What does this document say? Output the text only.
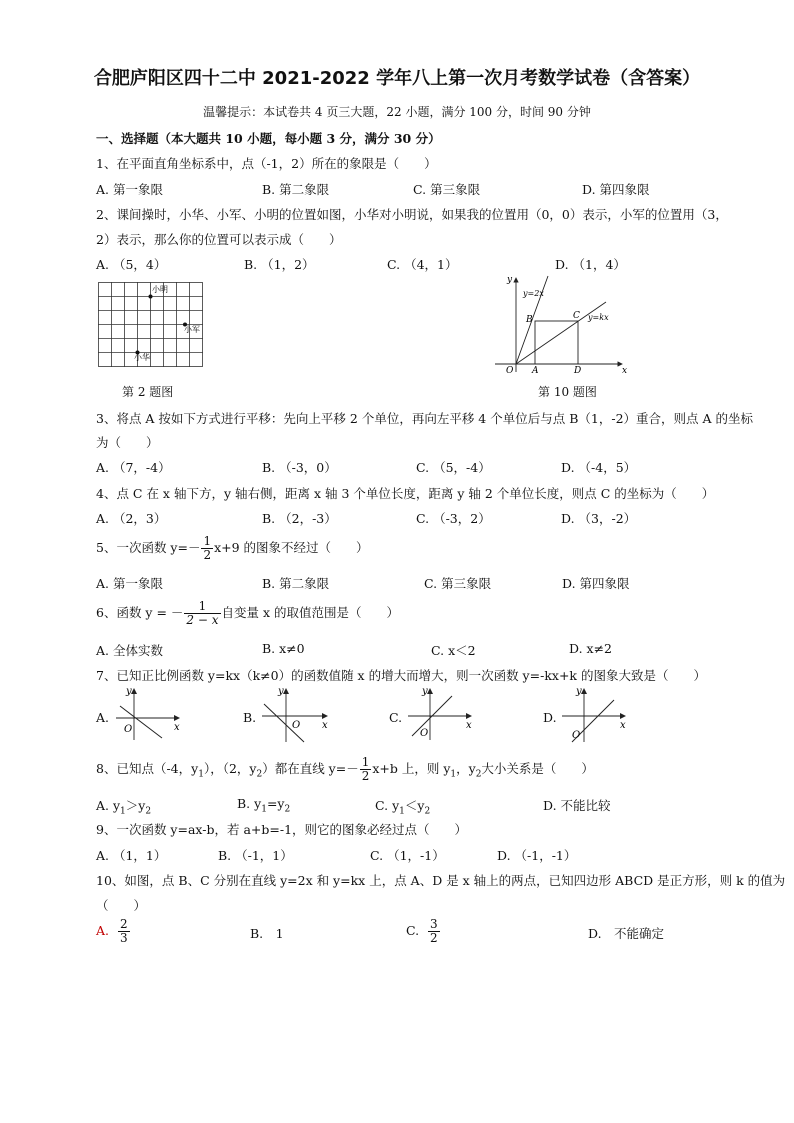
合肥庐阳区四十二中 2021-2022 学年八上第一次月考数学试卷（含答案）
温馨提示：本试卷共 4 页三大题，22 小题，满分 100 分，时间 90 分钟
一、选择题（本大题共 10 小题，每小题 3 分，满分 30 分）
1、在平面直角坐标系中，点（-1，2）所在的象限是（　　）
A. 第一象限	B. 第二象限	C. 第三象限	D. 第四象限
2、课间操时，小华、小军、小明的位置如图，小华对小明说，如果我的位置用（0，0）表示，小军的位置用（3，
2）表示，那么你的位置可以表示成（　　）
A. （5，4）	B. （1，2）	C. （4，1）	D. （1，4）
小明
小军
小华
第 2 题图
y
x
O
y=2x
y=kx
B	C
A	D
第 10 题图
3、将点 A 按如下方式进行平移：先向上平移 2 个单位，再向左平移 4 个单位后与点 B（1，-2）重合，则点 A 的坐标
为（　　）
A. （7，-4）	B. （-3，0）	C. （5，-4）	D. （-4，5）
4、点 C 在 x 轴下方，y 轴右侧，距离 x 轴 3 个单位长度，距离 y 轴 2 个单位长度，则点 C 的坐标为（　　）
A. （2，3）	B. （2，-3）	C. （-3，2）	D. （3，-2）
5、一次函数 $y=- \frac{1}{2} x+9$ 的图象不经过（　　）
A. 第一象限	B. 第二象限	C. 第三象限	D. 第四象限
6、函数 y = － $\frac{1}{2 - x}$ 自变量 x 的取值范围是（　　）
A. 全体实数	B. x≠0	C. x＜2	D. x≠2
7、已知正比例函数 y=kx（k≠0）的函数值随 x 的增大而增大，则一次函数 y=-kx+k 的图象大致是（　　）
A.
y
x
O
B.
y
x
O
C.
y
x
O
D.
y
x
O
8、已知点（-4，$y_1$），（2，$y_2$）都在直线 $y=- \frac{1}{2} x+b$ 上，则 $y_1$，$y_2$大小关系是（　　）
A. $y_1>y_2$
B. $y_1=y_2$	C. $y_1<y_2$	D. 不能比较
9、一次函数 y=ax-b，若 a+b=-1，则它的图象必经过点（　　）
A. （1，1）	B. （-1，1）	C. （1，-1）	D. （-1，-1）
10、如图，点 B、C 分别在直线 y=2x 和 y=kx 上，点 A、D 是 x 轴上的两点，已知四边形 ABCD 是正方形，则 k 的值为
（　　）
A. $\frac{2}{3}$	B.　1	C. $\frac{3}{2}$	D.　不能确定
